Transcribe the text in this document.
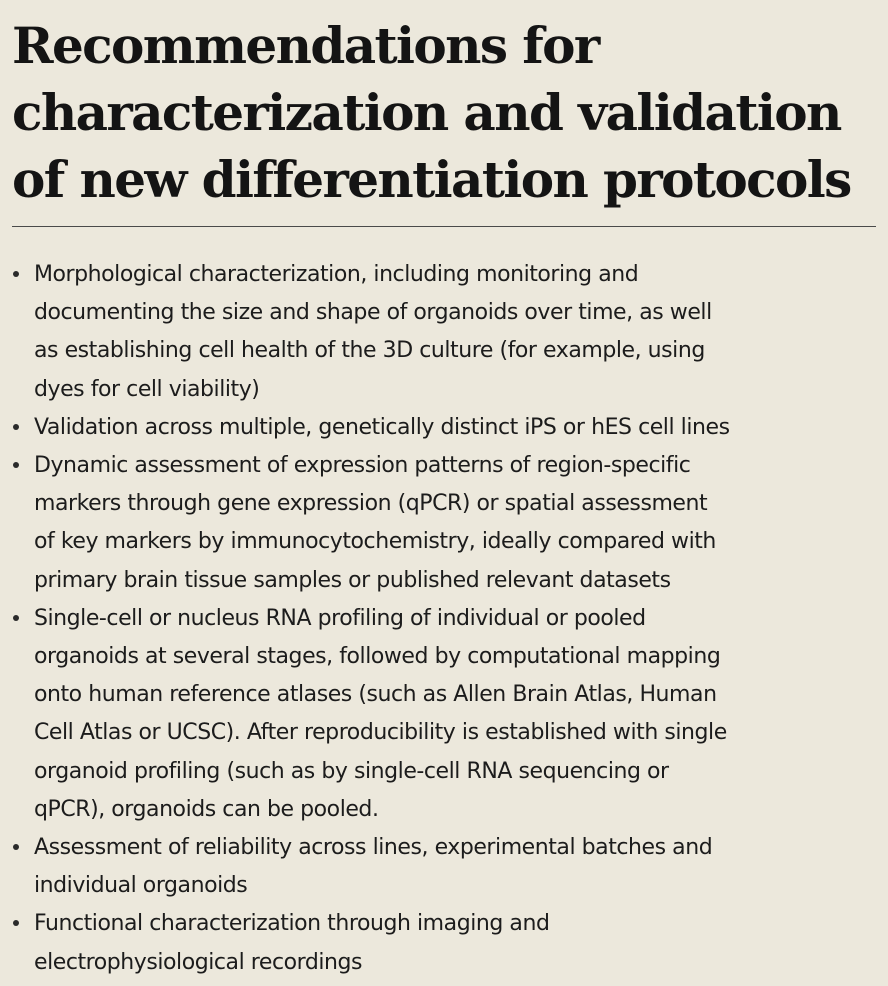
Recommendations for
characterization and validation
of new differentiation protocols
Morphological characterization, including monitoring and
documenting the size and shape of organoids over time, as well
as establishing cell health of the 3D culture (for example, using
dyes for cell viability)
Validation across multiple, genetically distinct iPS or hES cell lines
Dynamic assessment of expression patterns of region-specific
markers through gene expression (qPCR) or spatial assessment
of key markers by immunocytochemistry, ideally compared with
primary brain tissue samples or published relevant datasets
Single-cell or nucleus RNA profiling of individual or pooled
organoids at several stages, followed by computational mapping
onto human reference atlases (such as Allen Brain Atlas, Human
Cell Atlas or UCSC). After reproducibility is established with single
organoid profiling (such as by single-cell RNA sequencing or
qPCR), organoids can be pooled.
Assessment of reliability across lines, experimental batches and
individual organoids
Functional characterization through imaging and
electrophysiological recordings
